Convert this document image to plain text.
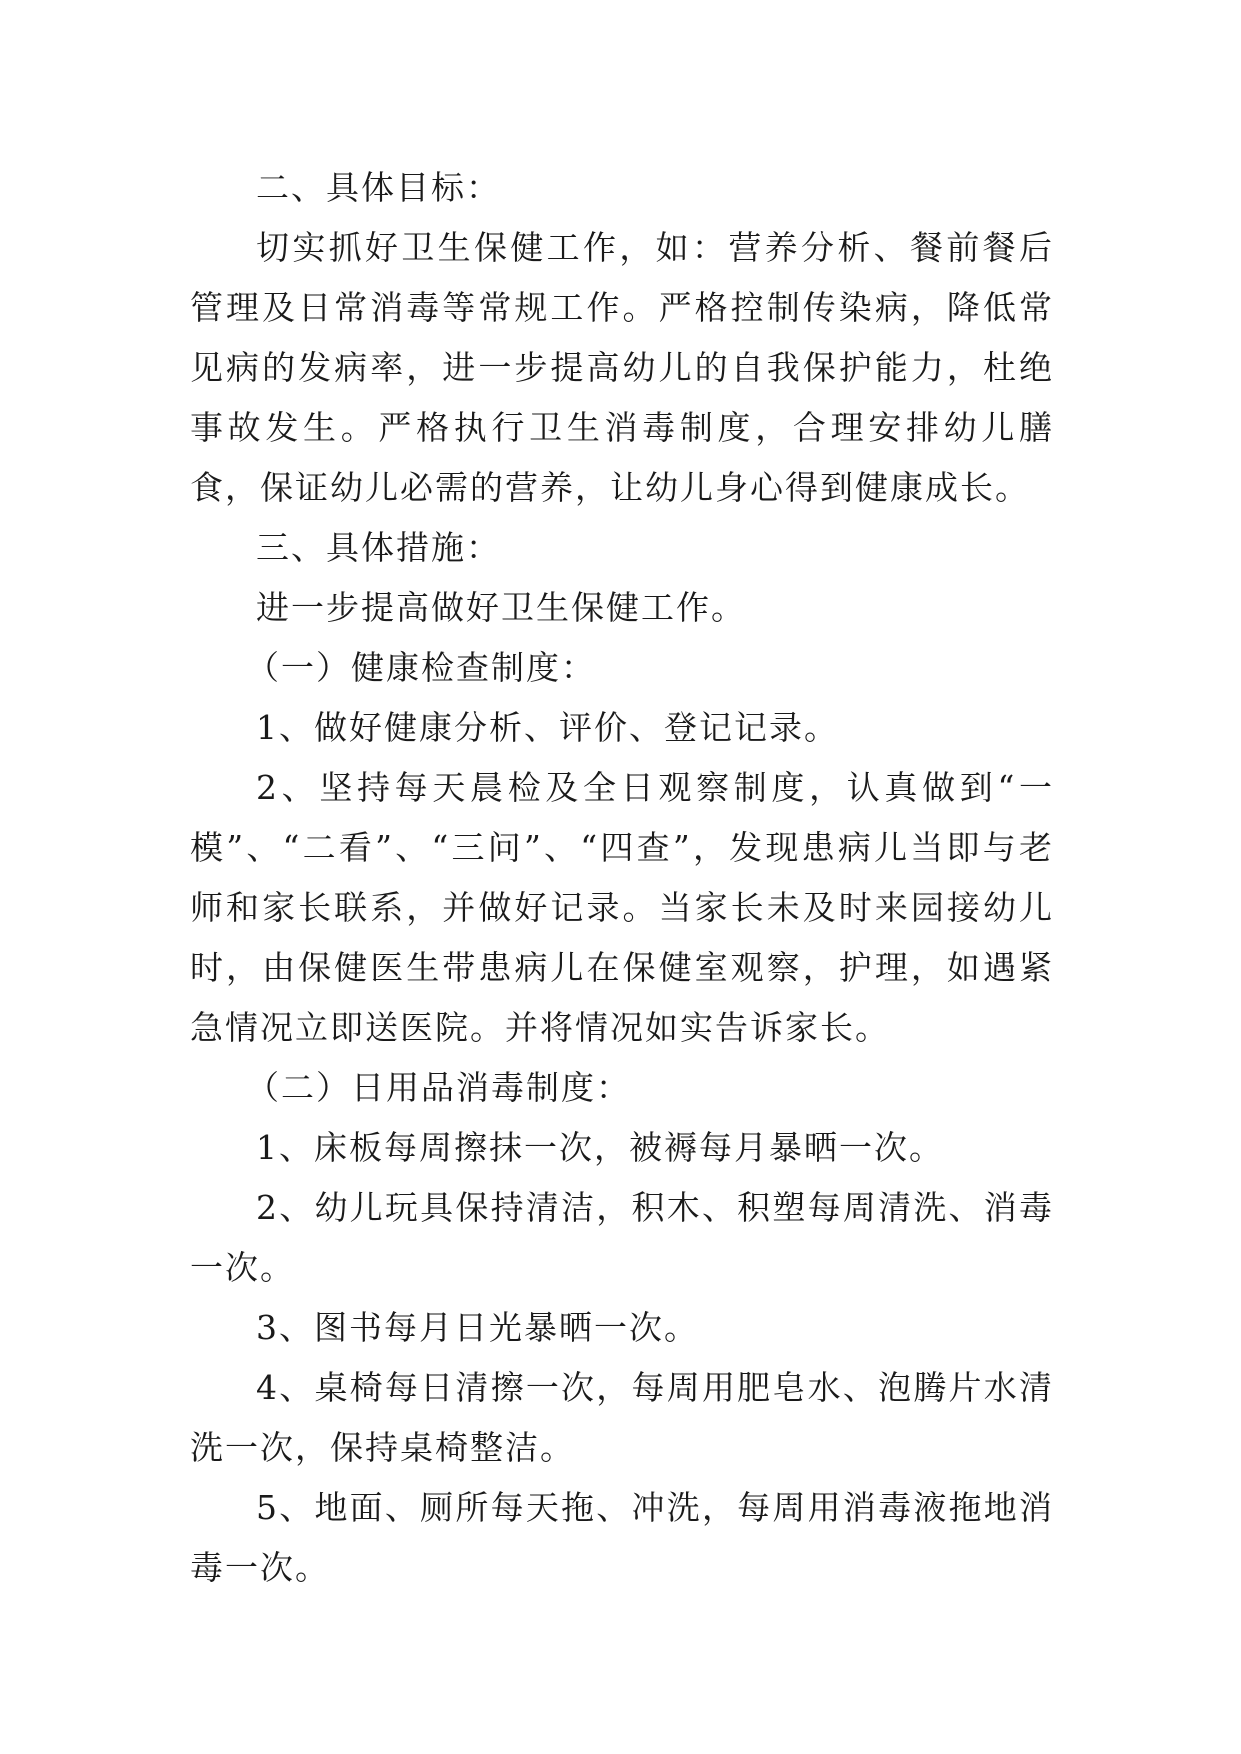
二、具体目标：

切实抓好卫生保健工作，如：营养分析、餐前餐后管理及日常消毒等常规工作。严格控制传染病，降低常见病的发病率，进一步提高幼儿的自我保护能力，杜绝事故发生。严格执行卫生消毒制度，合理安排幼儿膳食，保证幼儿必需的营养，让幼儿身心得到健康成长。

三、具体措施：

进一步提高做好卫生保健工作。

（一）健康检查制度：

1、做好健康分析、评价、登记记录。

2、坚持每天晨检及全日观察制度，认真做到“一模”、“二看”、“三问”、“四查”，发现患病儿当即与老师和家长联系，并做好记录。当家长未及时来园接幼儿时，由保健医生带患病儿在保健室观察，护理，如遇紧急情况立即送医院。并将情况如实告诉家长。

（二）日用品消毒制度：

1、床板每周擦抹一次，被褥每月暴晒一次。

2、幼儿玩具保持清洁，积木、积塑每周清洗、消毒一次。

3、图书每月日光暴晒一次。

4、桌椅每日清擦一次，每周用肥皂水、泡腾片水清洗一次，保持桌椅整洁。

5、地面、厕所每天拖、冲洗，每周用消毒液拖地消毒一次。
